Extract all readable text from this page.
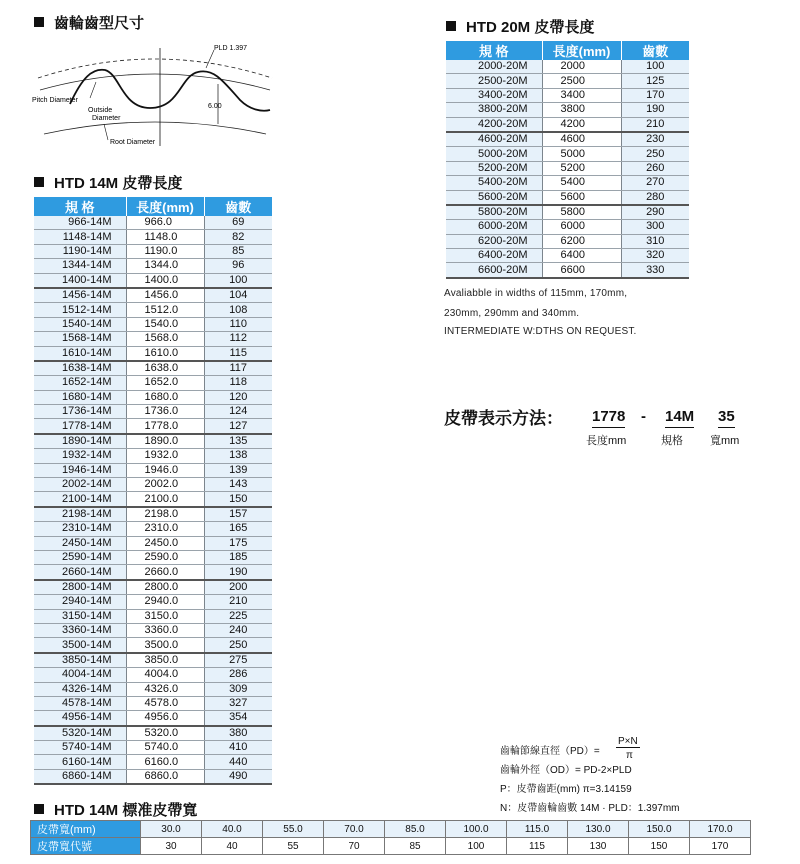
齒輪齒型尺寸
PLD 1.397
6.00
Pitch Diameter
Outside
Diameter
Root Diameter
HTD 14M 皮帶長度
規 格	長度(mm)	齒數
966-14M	966.0	69
1148-14M	1148.0	82
1190-14M	1190.0	85
1344-14M	1344.0	96
1400-14M	1400.0	100
1456-14M	1456.0	104
1512-14M	1512.0	108
1540-14M	1540.0	110
1568-14M	1568.0	112
1610-14M	1610.0	115
1638-14M	1638.0	117
1652-14M	1652.0	118
1680-14M	1680.0	120
1736-14M	1736.0	124
1778-14M	1778.0	127
1890-14M	1890.0	135
1932-14M	1932.0	138
1946-14M	1946.0	139
2002-14M	2002.0	143
2100-14M	2100.0	150
2198-14M	2198.0	157
2310-14M	2310.0	165
2450-14M	2450.0	175
2590-14M	2590.0	185
2660-14M	2660.0	190
2800-14M	2800.0	200
2940-14M	2940.0	210
3150-14M	3150.0	225
3360-14M	3360.0	240
3500-14M	3500.0	250
3850-14M	3850.0	275
4004-14M	4004.0	286
4326-14M	4326.0	309
4578-14M	4578.0	327
4956-14M	4956.0	354
5320-14M	5320.0	380
5740-14M	5740.0	410
6160-14M	6160.0	440
6860-14M	6860.0	490
HTD 20M 皮帶長度
規 格	長度(mm)	齒數
2000-20M	2000	100
2500-20M	2500	125
3400-20M	3400	170
3800-20M	3800	190
4200-20M	4200	210
4600-20M	4600	230
5000-20M	5000	250
5200-20M	5200	260
5400-20M	5400	270
5600-20M	5600	280
5800-20M	5800	290
6000-20M	6000	300
6200-20M	6200	310
6400-20M	6400	320
6600-20M	6600	330
Avaliabble in widths of 115mm, 170mm,
230mm, 290mm and 340mm.
INTERMEDIATE W:DTHS ON REQUEST.
皮帶表示方法： 1778 - 14M 35
長度mm	規格 寬mm
齒輪節線直徑（PD）=
P×N
π
齒輪外徑（OD）= PD-2×PLD
P：皮帶齒距(mm) π=3.14159
N：皮帶齒輪齒數 14M · PLD：1.397mm
HTD 14M 標准皮帶寬
皮帶寬(mm)	30.0	40.0	55.0	70.0	85.0	100.0	115.0	130.0	150.0	170.0
皮帶寬代號	30	40	55	70	85	100	115	130	150	170
